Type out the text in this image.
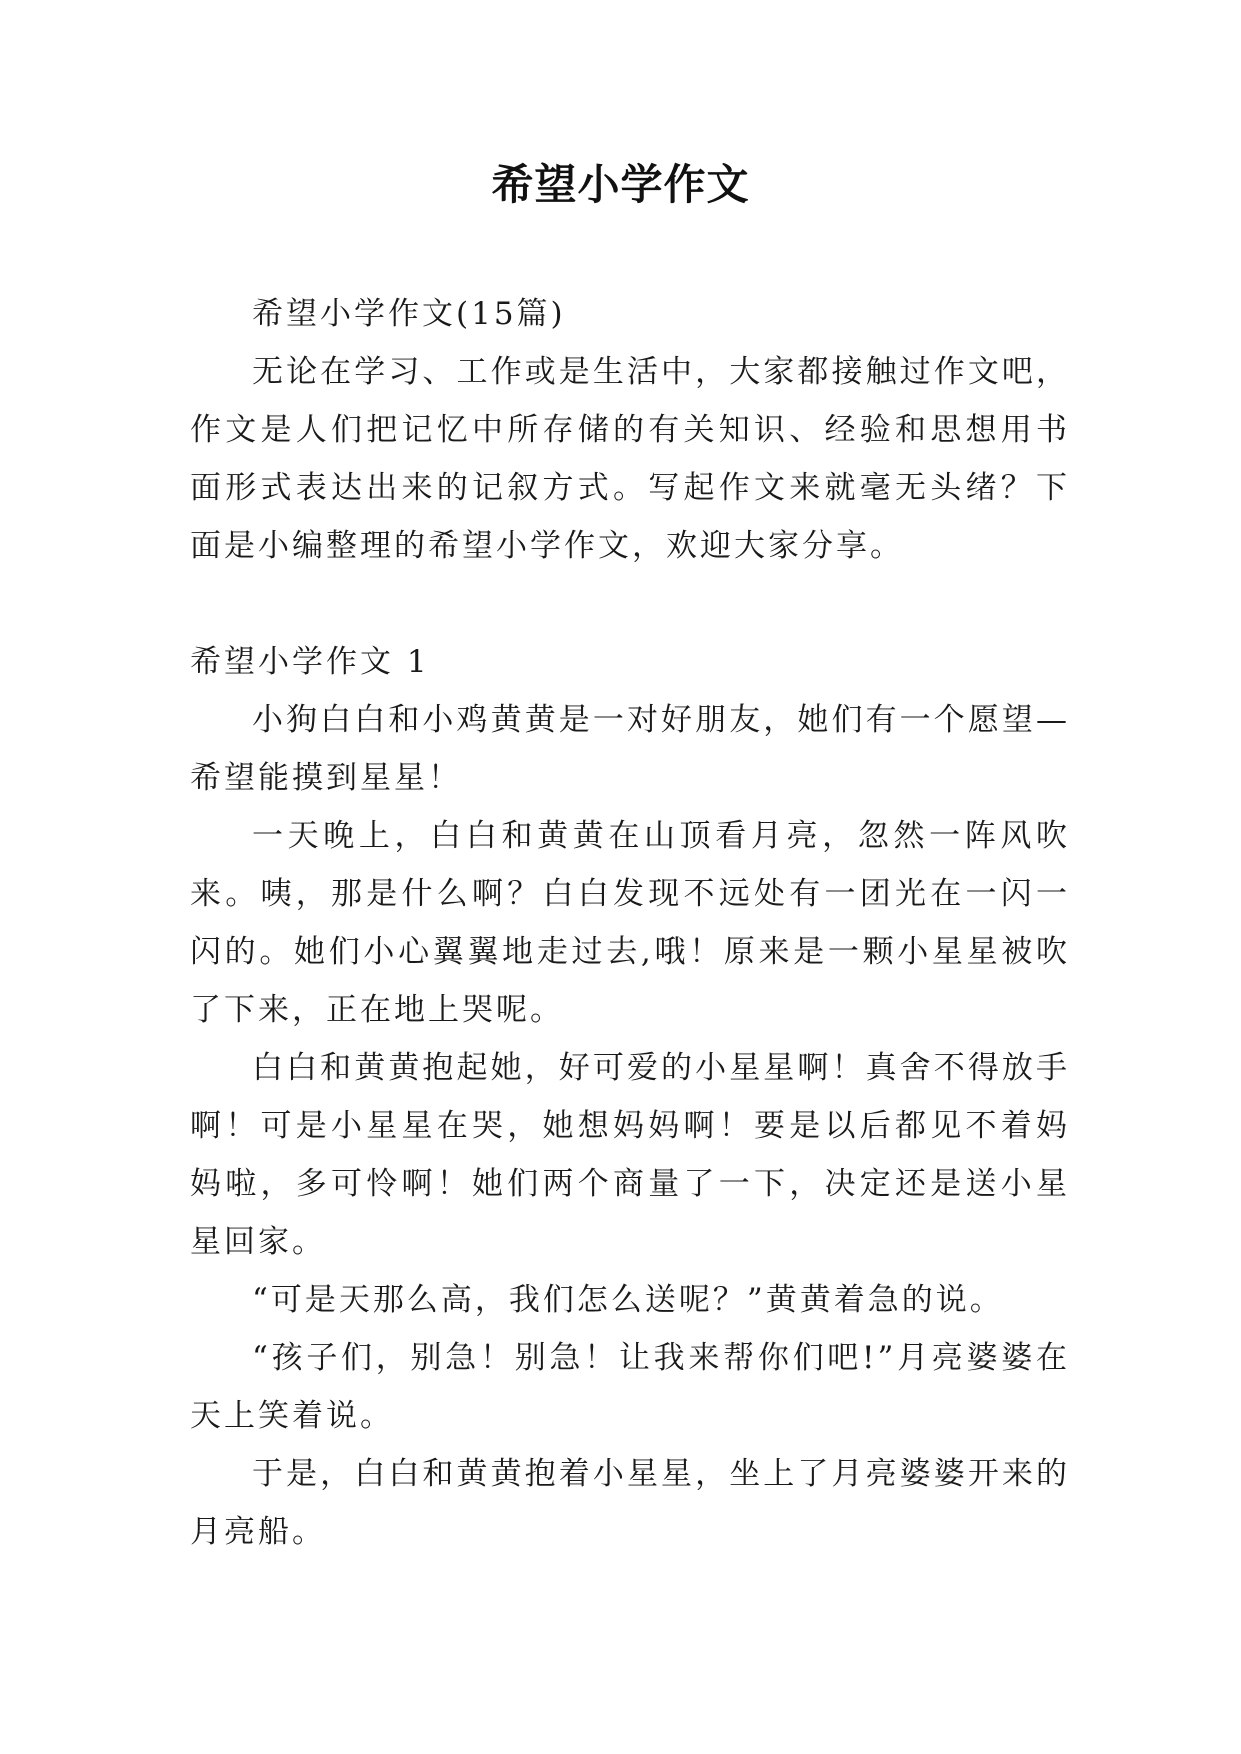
希望小学作文

希望小学作文(15篇)

无论在学习、工作或是生活中，大家都接触过作文吧，作文是人们把记忆中所存储的有关知识、经验和思想用书面形式表达出来的记叙方式。写起作文来就毫无头绪？下面是小编整理的希望小学作文，欢迎大家分享。

希望小学作文 1

小狗白白和小鸡黄黄是一对好朋友，她们有一个愿望—希望能摸到星星！

一天晚上，白白和黄黄在山顶看月亮，忽然一阵风吹来。咦，那是什么啊？白白发现不远处有一团光在一闪一闪的。她们小心翼翼地走过去,哦！原来是一颗小星星被吹了下来，正在地上哭呢。

白白和黄黄抱起她，好可爱的小星星啊！真舍不得放手啊！可是小星星在哭，她想妈妈啊！要是以后都见不着妈妈啦，多可怜啊！她们两个商量了一下，决定还是送小星星回家。

“可是天那么高，我们怎么送呢？”黄黄着急的说。

“孩子们，别急！别急！让我来帮你们吧!”月亮婆婆在天上笑着说。

于是，白白和黄黄抱着小星星，坐上了月亮婆婆开来的月亮船。
